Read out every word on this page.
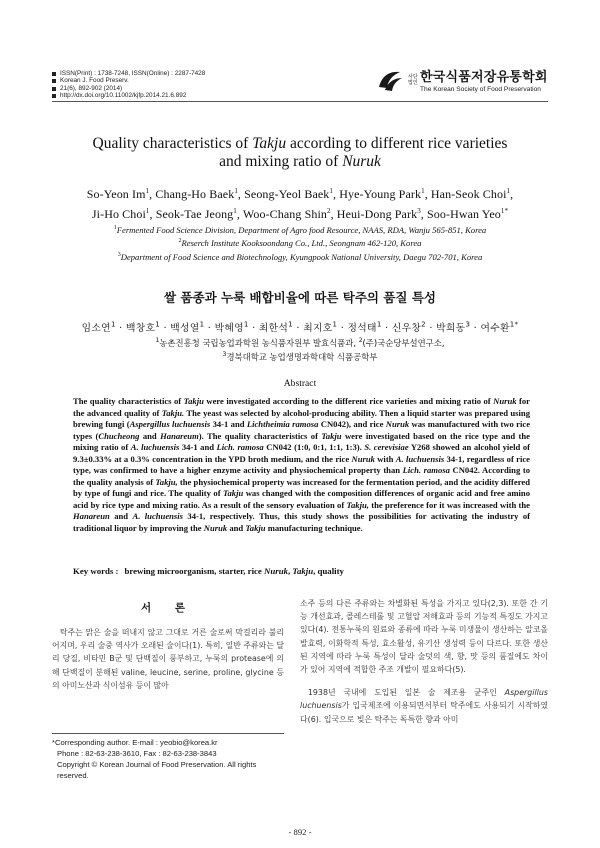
ISSN(Print) : 1738-7248, ISSN(Online) : 2287-7428
Korean J. Food Preserv.
21(6), 892-902 (2014)
http://dx.doi.org/10.11002/kjfp.2014.21.6.892
사단법인 한국식품저장유통학회
The Korean Society of Food Preservation
Quality characteristics of Takju according to different rice varieties
and mixing ratio of Nuruk
So-Yeon Im$^1$, Chang-Ho Baek$^1$, Seong-Yeol Baek$^1$, Hye-Young Park$^1$, Han-Seok Choi$^1$,
Ji-Ho Choi$^1$, Seok-Tae Jeong$^1$, Woo-Chang Shin$^2$, Heui-Dong Park$^3$, Soo-Hwan Yeo$^{1*}$
$^1$Fermented Food Science Division, Department of Agro food Resource, NAAS, RDA, Wanju 565-851, Korea
$^2$Reserch Institute Kooksoondang Co., Ltd., Seongnam 462-120, Korea
$^3$Department of Food Science and Biotechnology, Kyungpook National University, Daegu 702-701, Korea
쌀 품종과 누룩 배합비율에 따른 탁주의 품질 특성
임소연$^1$ · 백창호$^1$ · 백성열$^1$ · 박혜영$^1$ · 최한석$^1$ · 최지호$^1$ · 정석태$^1$ · 신우창$^2$ · 박희동$^3$ · 여수환$^{1*}$
$^1$농촌진흥청 국립농업과학원 농식품자원부 발효식품과, $^2$(주)국순당부설연구소,
$^3$경북대학교 농업생명과학대학 식품공학부
Abstract
The quality characteristics of Takju were investigated according to the different rice varieties and mixing ratio of Nuruk for the advanced quality of Takju. The yeast was selected by alcohol-producing ability. Then a liquid starter was prepared using brewing fungi (Aspergillus luchuensis 34-1 and Lichtheimia ramosa CN042), and rice Nuruk was manufactured with two rice types (Chucheong and Hanareum). The quality characteristics of Takju were investigated based on the rice type and the mixing ratio of A. luchuensis 34-1 and Lich. ramosa CN042 (1:0, 0:1, 1:1, 1:3). S. cerevisiae Y268 showed an alcohol yield of 9.3±0.33% at a 0.3% concentration in the YPD broth medium, and the rice Nuruk with A. luchuensis 34-1, regardless of rice type, was confirmed to have a higher enzyme activity and physiochemical property than Lich. ramosa CN042. According to the quality analysis of Takju, the physiochemical property was increased for the fermentation period, and the acidity differed by type of fungi and rice. The quality of Takju was changed with the composition differences of organic acid and free amino acid by rice type and mixing ratio. As a result of the sensory evaluation of Takju, the preference for it was increased with the Hanareun and A. luchuensis 34-1, respectively. Thus, this study shows the possibilities for activating the industry of traditional liquor by improving the Nuruk and Takju manufacturing technique.
Key words : brewing microorganism, starter, rice Nuruk, Takju, quality
서 론

탁주는 맑은 술을 떠내지 않고 그대로 거른 술로써 막걸리라 불리어지며, 우리 술중 역사가 오래된 술이다(1). 특히, 일반 주류와는 달리 당질, 비타민 B군 및 단백질이 풍부하고, 누룩의 protease에 의해 단백질이 분해된 valine, leucine, serine, proline, glycine 등의 아미노산과 식이섬유 등이 많아

소주 등의 다른 주류와는 차별화된 특성을 가지고 있다(2,3). 또한 간 기능 개선효과, 콜레스테롤 및 고혈압 저해효과 등의 기능적 특징도 가지고 있다(4). 전통누룩의 원료와 종류에 따라 누룩 미생물이 생산하는 알코올 발효력, 이화학적 특성, 효소활성, 유기산 생성력 등이 다르다. 또한 생산된 지역에 따라 누룩 특성이 달라 술덧의 색, 향, 맛 등의 품질에도 차이가 있어 지역에 적합한 주조 개발이 필요하다(5).

1938년 국내에 도입된 일본 술 제조용 균주인 Aspergillus luchuensis가 입국제조에 이용되면서부터 탁주에도 사용되기 시작하였다(6). 입국으로 빚은 탁주는 독특한 향과 아미

*Corresponding author. E-mail : yeobio@korea.kr
Phone : 82-63-238-3610, Fax : 82-63-238-3843
Copyright © Korean Journal of Food Preservation. All rights
reserved.
- 892 -
